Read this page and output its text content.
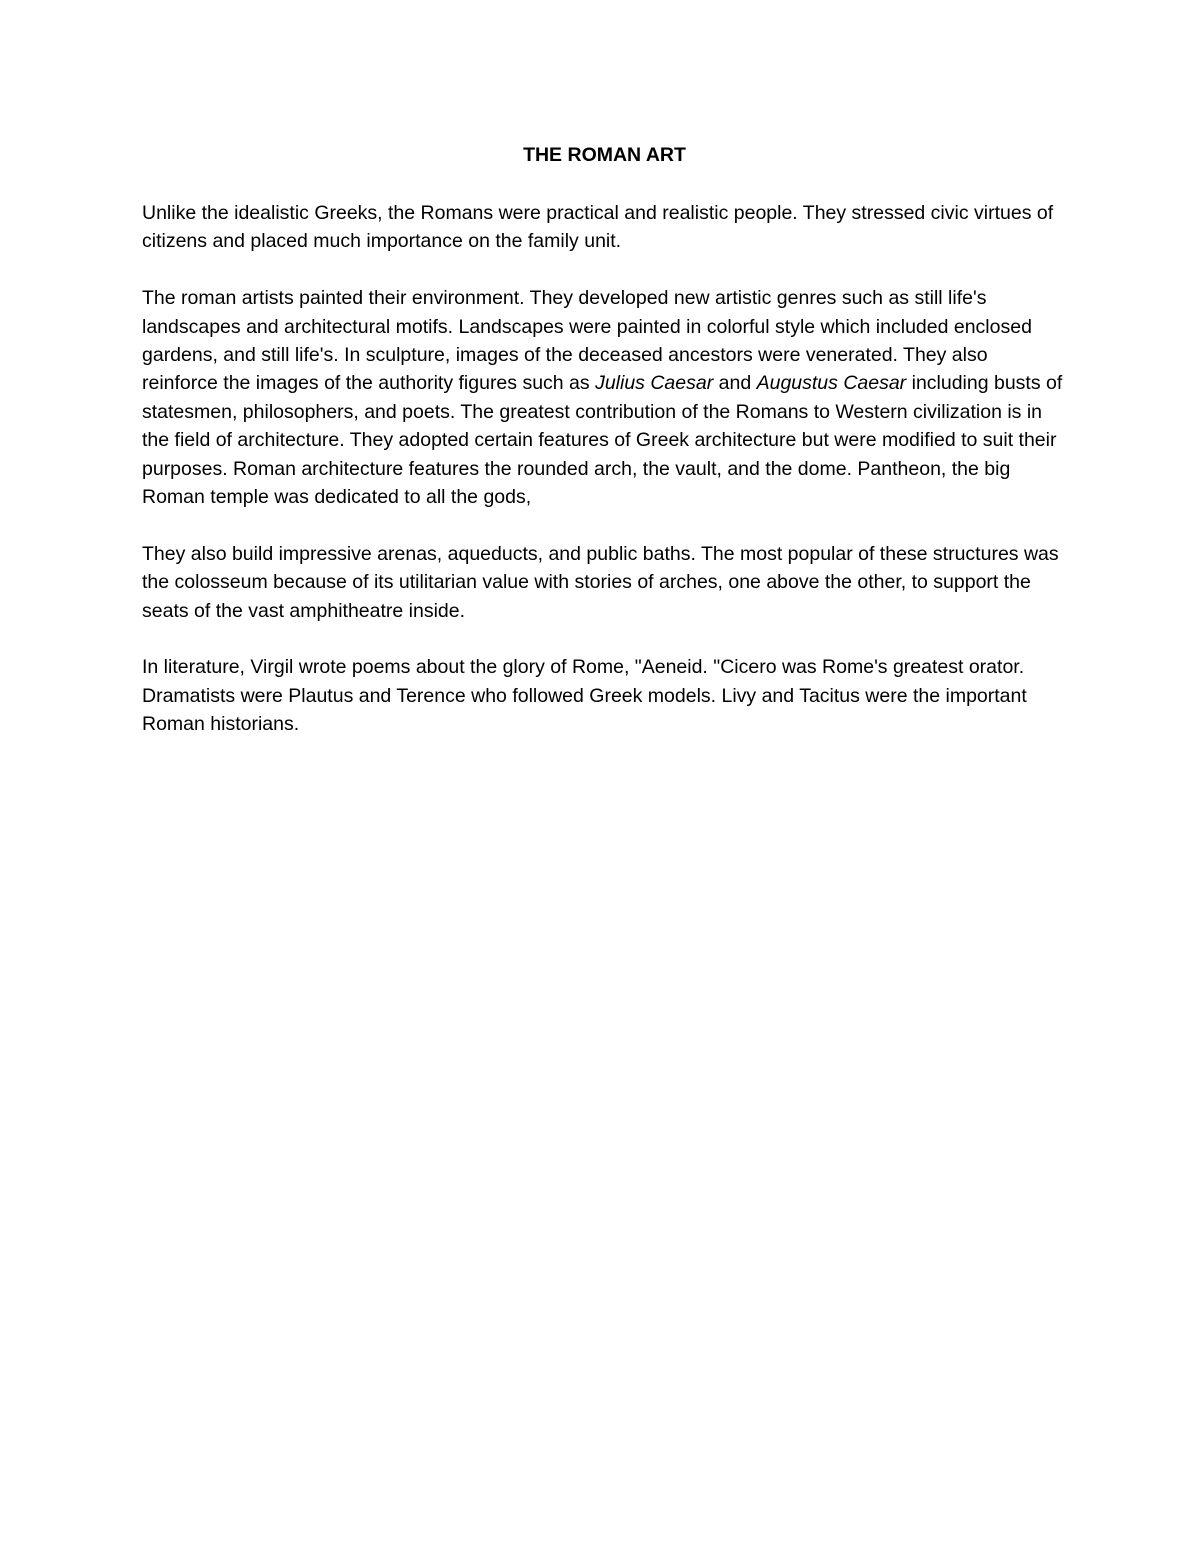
THE ROMAN ART

Unlike the idealistic Greeks, the Romans were practical and realistic people. They stressed civic virtues of citizens and placed much importance on the family unit.

The roman artists painted their environment. They developed new artistic genres such as still life's landscapes and architectural motifs. Landscapes were painted in colorful style which included enclosed gardens, and still life's. In sculpture, images of the deceased ancestors were venerated. They also reinforce the images of the authority figures such as Julius Caesar and Augustus Caesar including busts of statesmen, philosophers, and poets. The greatest contribution of the Romans to Western civilization is in the field of architecture. They adopted certain features of Greek architecture but were modified to suit their purposes. Roman architecture features the rounded arch, the vault, and the dome. Pantheon, the big Roman temple was dedicated to all the gods,

They also build impressive arenas, aqueducts, and public baths. The most popular of these structures was the colosseum because of its utilitarian value with stories of arches, one above the other, to support the seats of the vast amphitheatre inside.

In literature, Virgil wrote poems about the glory of Rome, "Aeneid. "Cicero was Rome's greatest orator. Dramatists were Plautus and Terence who followed Greek models. Livy and Tacitus were the important Roman historians.
